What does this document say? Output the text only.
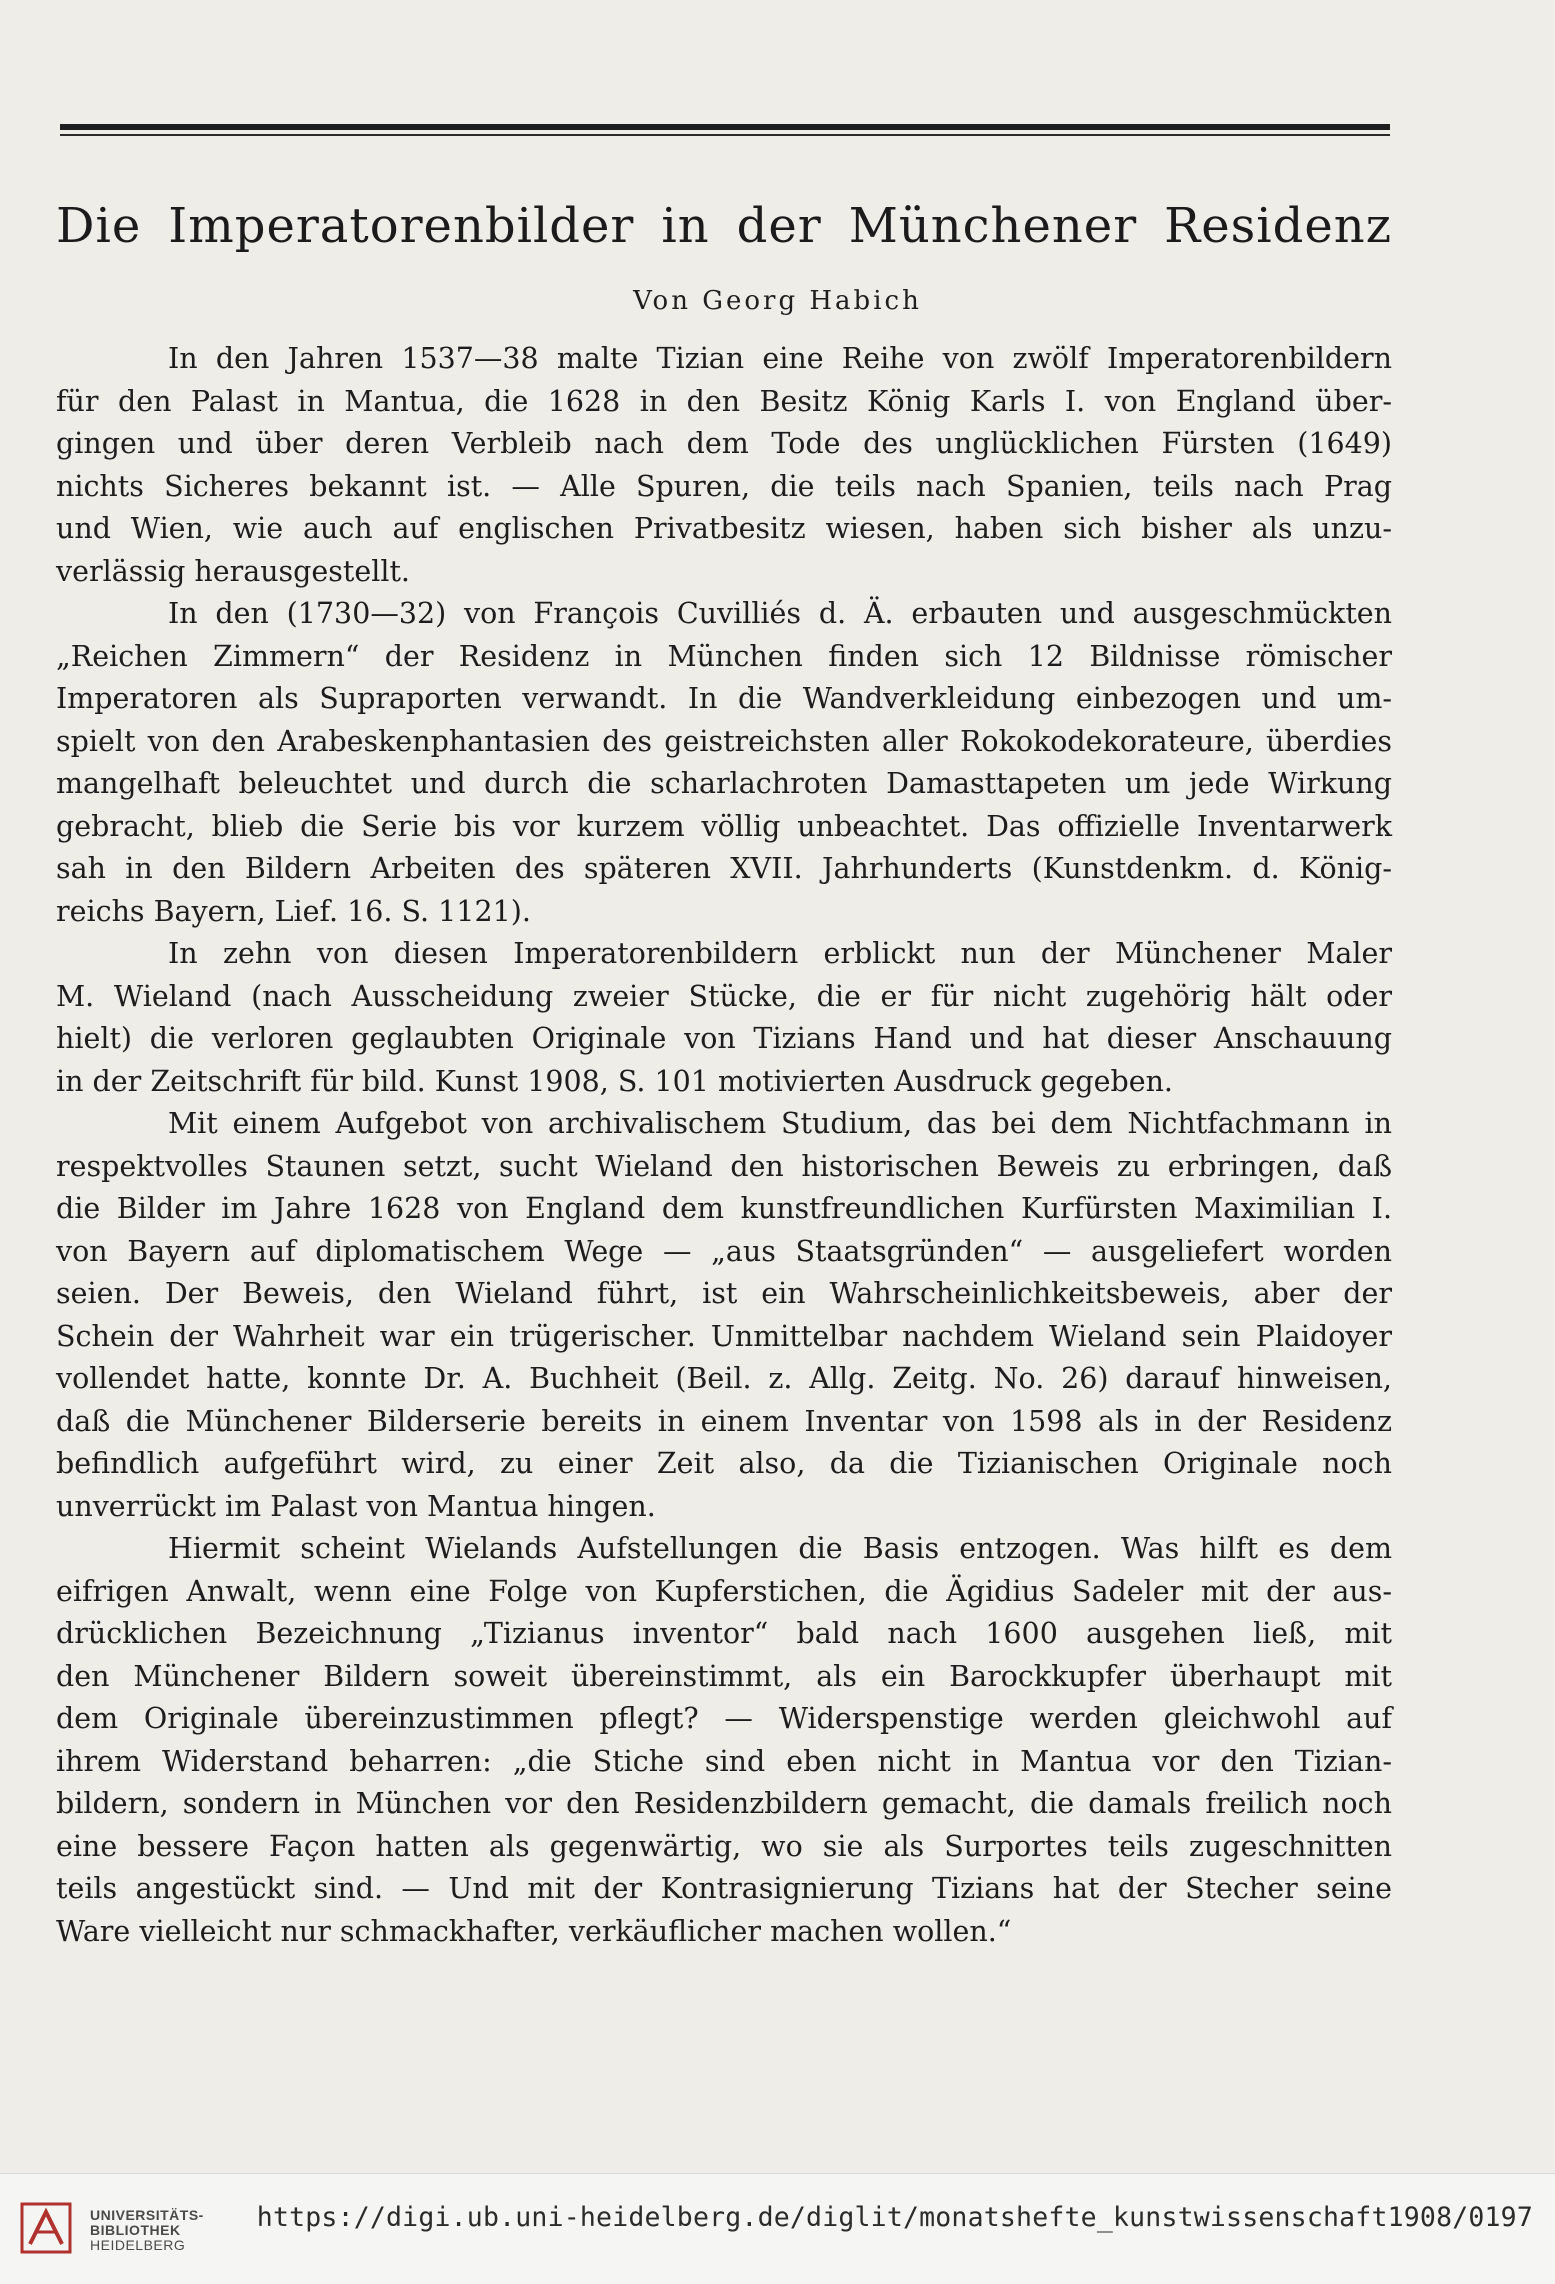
Die Imperatorenbilder in der Münchener Residenz
Von Georg Habich
In den Jahren 1537—38 malte Tizian eine Reihe von zwölf Imperatorenbildern
für den Palast in Mantua, die 1628 in den Besitz König Karls I. von England über-
gingen und über deren Verbleib nach dem Tode des unglücklichen Fürsten (1649)
nichts Sicheres bekannt ist. — Alle Spuren, die teils nach Spanien, teils nach Prag
und Wien, wie auch auf englischen Privatbesitz wiesen, haben sich bisher als unzu-
verlässig herausgestellt.
In den (1730—32) von François Cuvilliés d. Ä. erbauten und ausgeschmückten
„Reichen Zimmern“ der Residenz in München finden sich 12 Bildnisse römischer
Imperatoren als Supraporten verwandt. In die Wandverkleidung einbezogen und um-
spielt von den Arabeskenphantasien des geistreichsten aller Rokokodekorateure, überdies
mangelhaft beleuchtet und durch die scharlachroten Damasttapeten um jede Wirkung
gebracht, blieb die Serie bis vor kurzem völlig unbeachtet. Das offizielle Inventarwerk
sah in den Bildern Arbeiten des späteren XVII. Jahrhunderts (Kunstdenkm. d. König-
reichs Bayern, Lief. 16. S. 1121).
In zehn von diesen Imperatorenbildern erblickt nun der Münchener Maler
M. Wieland (nach Ausscheidung zweier Stücke, die er für nicht zugehörig hält oder
hielt) die verloren geglaubten Originale von Tizians Hand und hat dieser Anschauung
in der Zeitschrift für bild. Kunst 1908, S. 101 motivierten Ausdruck gegeben.
Mit einem Aufgebot von archivalischem Studium, das bei dem Nichtfachmann in
respektvolles Staunen setzt, sucht Wieland den historischen Beweis zu erbringen, daß
die Bilder im Jahre 1628 von England dem kunstfreundlichen Kurfürsten Maximilian I.
von Bayern auf diplomatischem Wege — „aus Staatsgründen“ — ausgeliefert worden
seien. Der Beweis, den Wieland führt, ist ein Wahrscheinlichkeitsbeweis, aber der
Schein der Wahrheit war ein trügerischer. Unmittelbar nachdem Wieland sein Plaidoyer
vollendet hatte, konnte Dr. A. Buchheit (Beil. z. Allg. Zeitg. No. 26) darauf hinweisen,
daß die Münchener Bilderserie bereits in einem Inventar von 1598 als in der Residenz
befindlich aufgeführt wird, zu einer Zeit also, da die Tizianischen Originale noch
unverrückt im Palast von Mantua hingen.
Hiermit scheint Wielands Aufstellungen die Basis entzogen. Was hilft es dem
eifrigen Anwalt, wenn eine Folge von Kupferstichen, die Ägidius Sadeler mit der aus-
drücklichen Bezeichnung „Tizianus inventor“ bald nach 1600 ausgehen ließ, mit
den Münchener Bildern soweit übereinstimmt, als ein Barockkupfer überhaupt mit
dem Originale übereinzustimmen pflegt? — Widerspenstige werden gleichwohl auf
ihrem Widerstand beharren: „die Stiche sind eben nicht in Mantua vor den Tizian-
bildern, sondern in München vor den Residenzbildern gemacht, die damals freilich noch
eine bessere Façon hatten als gegenwärtig, wo sie als Surportes teils zugeschnitten
teils angestückt sind. — Und mit der Kontrasignierung Tizians hat der Stecher seine
Ware vielleicht nur schmackhafter, verkäuflicher machen wollen.“
UNIVERSITÄTS-
BIBLIOTHEK
HEIDELBERG
https://digi.ub.uni-heidelberg.de/diglit/monatshefte_kunstwissenschaft1908/0197
